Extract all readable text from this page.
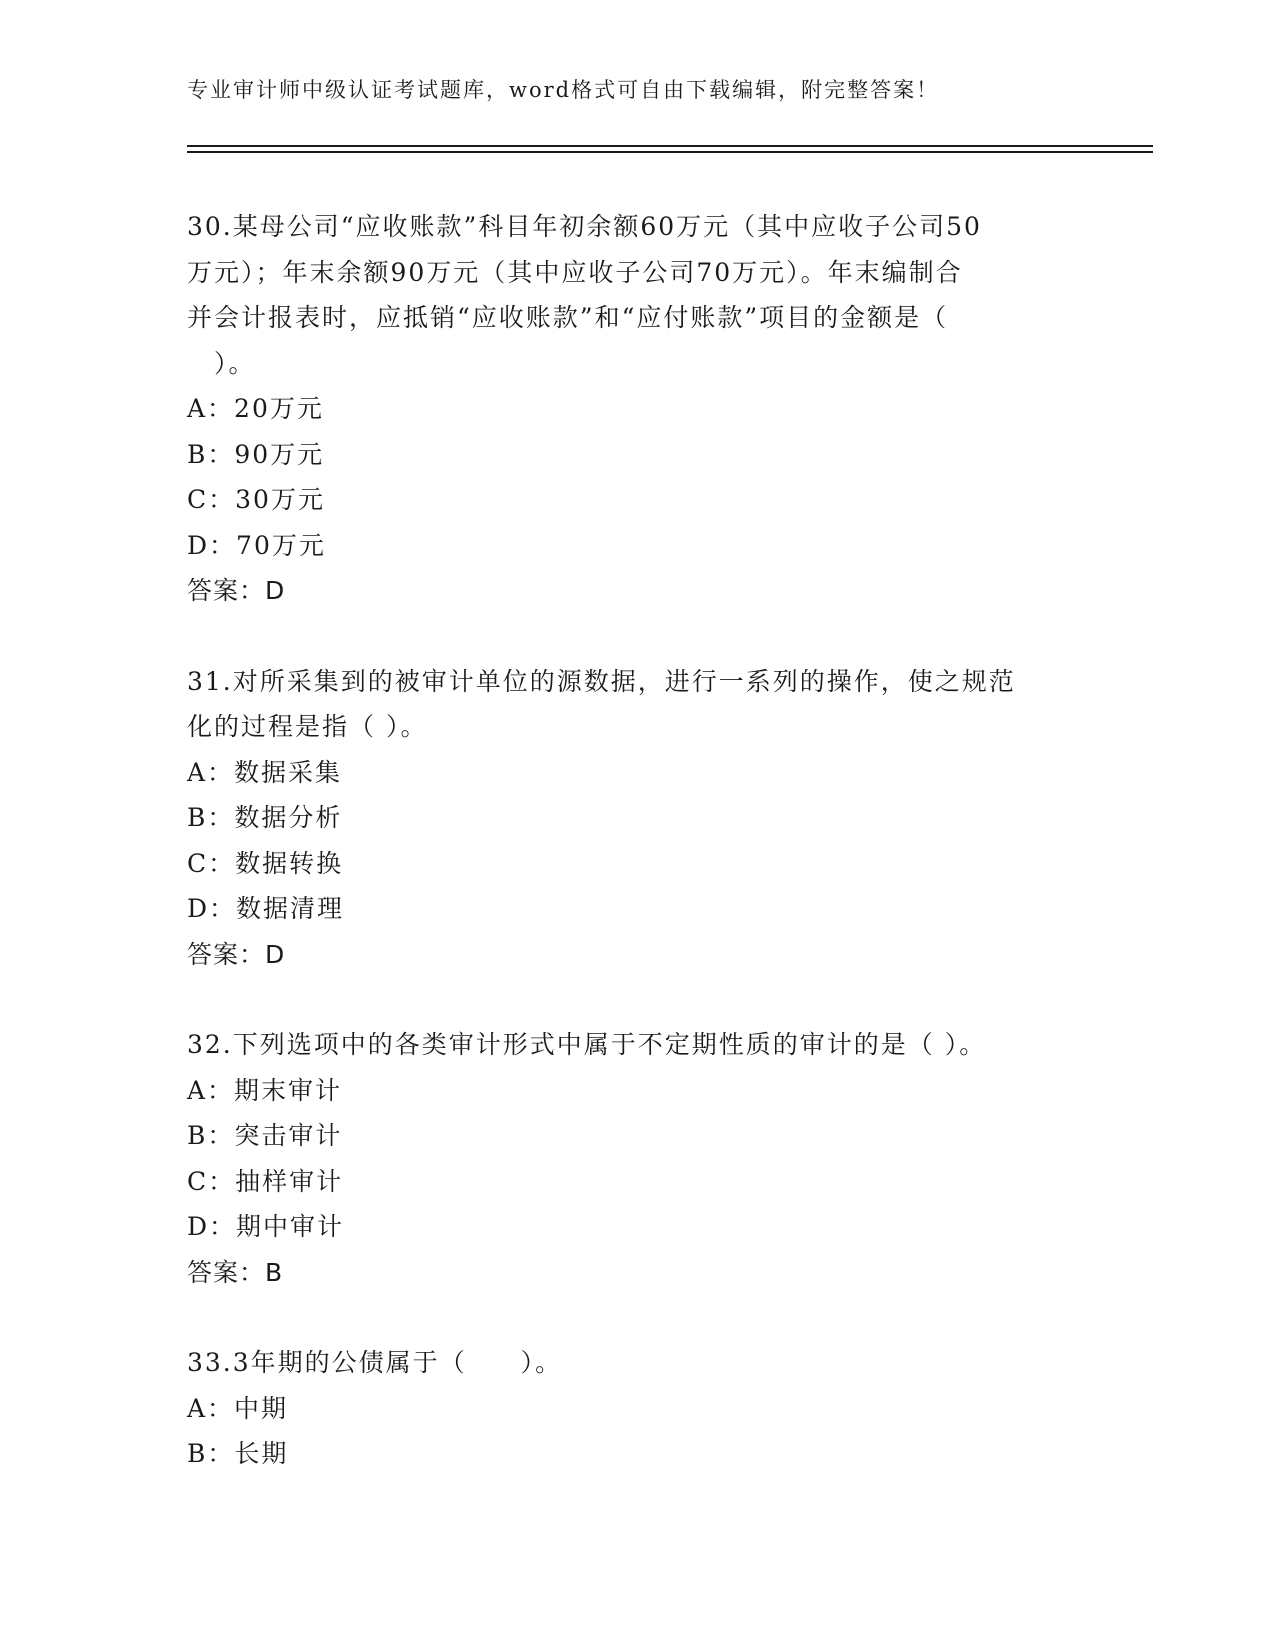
专业审计师中级认证考试题库，word格式可自由下载编辑，附完整答案！
30.某母公司“应收账款”科目年初余额60万元（其中应收子公司50
万元）；年末余额90万元（其中应收子公司70万元）。年末编制合
并会计报表时，应抵销“应收账款”和“应付账款”项目的金额是（
　）。
A：20万元
B：90万元
C：30万元
D：70万元
答案：D
31.对所采集到的被审计单位的源数据，进行一系列的操作，使之规范
化的过程是指（ ）。
A：数据采集
B：数据分析
C：数据转换
D：数据清理
答案：D
32.下列选项中的各类审计形式中属于不定期性质的审计的是（ ）。
A：期末审计
B：突击审计
C：抽样审计
D：期中审计
答案：B
33.3年期的公债属于（　　）。
A：中期
B：长期
